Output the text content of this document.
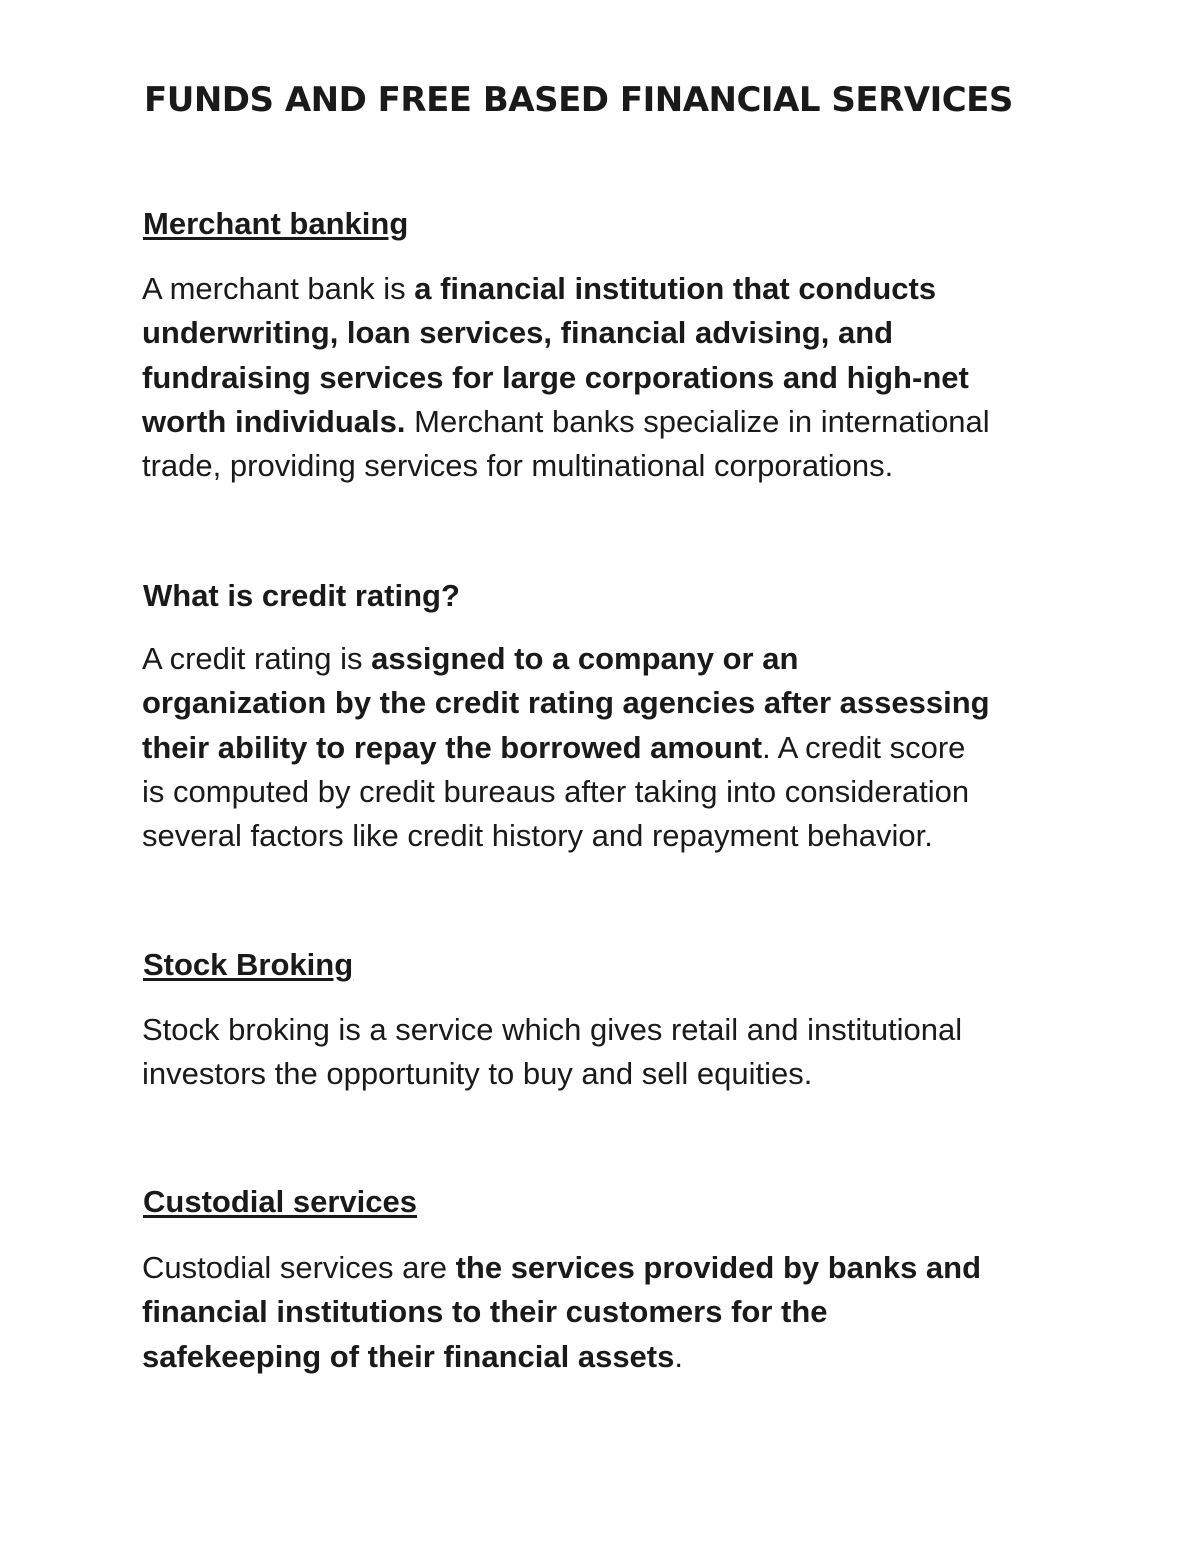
FUNDS AND FREE BASED FINANCIAL SERVICES
Merchant banking

A merchant bank is a financial institution that conducts
underwriting, loan services, financial advising, and
fundraising services for large corporations and high-net
worth individuals. Merchant banks specialize in international
trade, providing services for multinational corporations.

What is credit rating?

A credit rating is assigned to a company or an
organization by the credit rating agencies after assessing
their ability to repay the borrowed amount. A credit score
is computed by credit bureaus after taking into consideration
several factors like credit history and repayment behavior.

Stock Broking

Stock broking is a service which gives retail and institutional
investors the opportunity to buy and sell equities.

Custodial services

Custodial services are the services provided by banks and
financial institutions to their customers for the
safekeeping of their financial assets.
